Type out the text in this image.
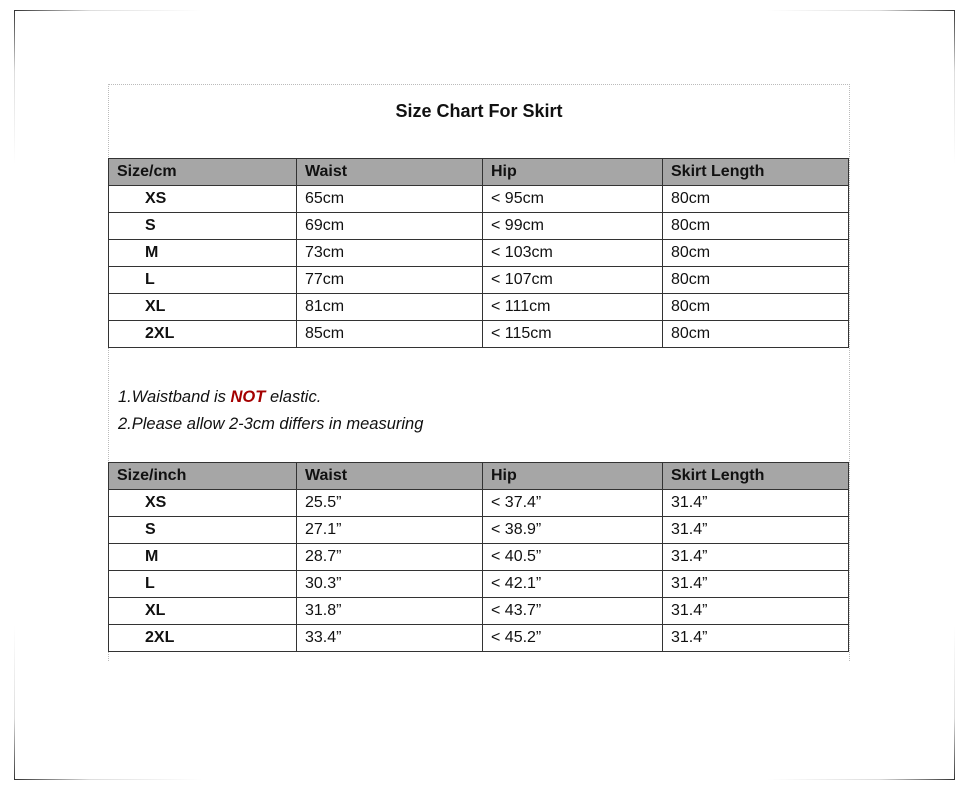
Size Chart For Skirt
Size/cm	Waist	Hip	Skirt Length
XS	65cm	< 95cm	80cm
S	69cm	< 99cm	80cm
M	73cm	< 103cm	80cm
L	77cm	< 107cm	80cm
XL	81cm	< 111cm	80cm
2XL	85cm	< 115cm	80cm
1.Waistband is NOT elastic.
2.Please allow 2-3cm differs in measuring
Size/inch	Waist	Hip	Skirt Length
XS	25.5”	< 37.4”	31.4”
S	27.1”	< 38.9”	31.4”
M	28.7”	< 40.5”	31.4”
L	30.3”	< 42.1”	31.4”
XL	31.8”	< 43.7”	31.4”
2XL	33.4”	< 45.2”	31.4”
